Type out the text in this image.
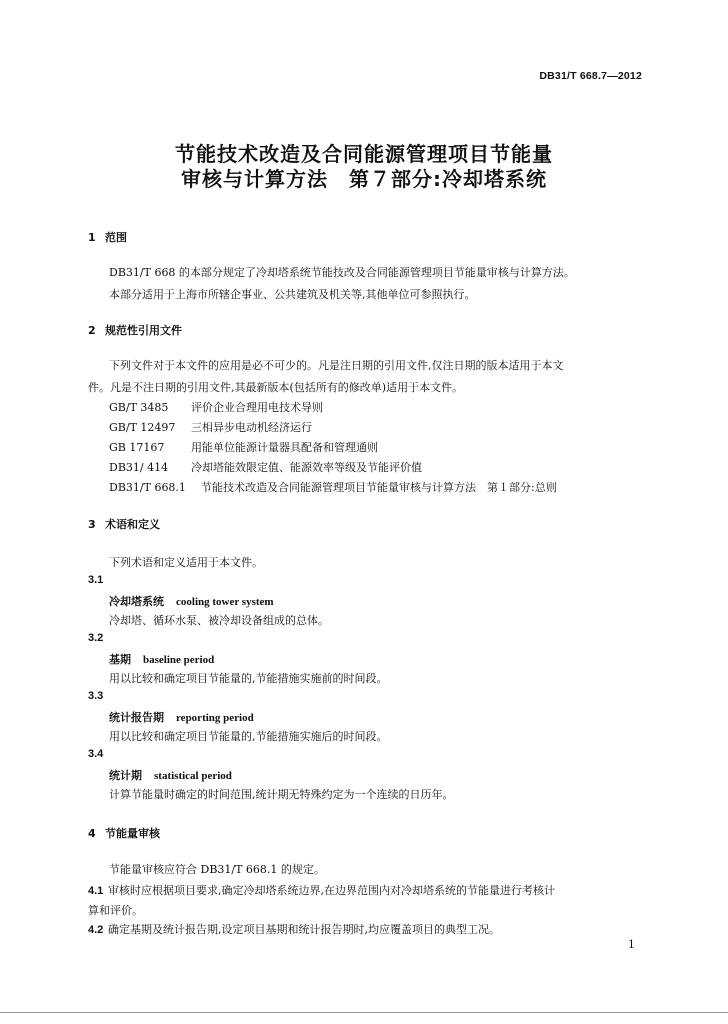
DB31/T 668.7—2012
节能技术改造及合同能源管理项目节能量
审核与计算方法　第７部分:冷却塔系统
1 范围
DB31/T 668 的本部分规定了冷却塔系统节能技改及合同能源管理项目节能量审核与计算方法。
本部分适用于上海市所辖企事业、公共建筑及机关等,其他单位可参照执行。
2 规范性引用文件
下列文件对于本文件的应用是必不可少的。凡是注日期的引用文件,仅注日期的版本适用于本文
件。凡是不注日期的引用文件,其最新版本(包括所有的修改单)适用于本文件。
GB/T 3485 评价企业合理用电技术导则
GB/T 12497 三相异步电动机经济运行
GB 17167 用能单位能源计量器具配备和管理通则
DB31/ 414 冷却塔能效限定值、能源效率等级及节能评价值
DB31/T 668.1 节能技术改造及合同能源管理项目节能量审核与计算方法　第１部分:总则
3 术语和定义
下列术语和定义适用于本文件。
3.1
冷却塔系统 cooling tower system
冷却塔、循环水泵、被冷却设备组成的总体。
3.2
基期 baseline period
用以比较和确定项目节能量的,节能措施实施前的时间段。
3.3
统计报告期 reporting period
用以比较和确定项目节能量的,节能措施实施后的时间段。
3.4
统计期 statistical period
计算节能量时确定的时间范围,统计期无特殊约定为一个连续的日历年。
4 节能量审核
节能量审核应符合 DB31/T 668.1 的规定。
4.1 审核时应根据项目要求,确定冷却塔系统边界,在边界范围内对冷却塔系统的节能量进行考核计
算和评价。
4.2 确定基期及统计报告期,设定项目基期和统计报告期时,均应覆盖项目的典型工况。
1
